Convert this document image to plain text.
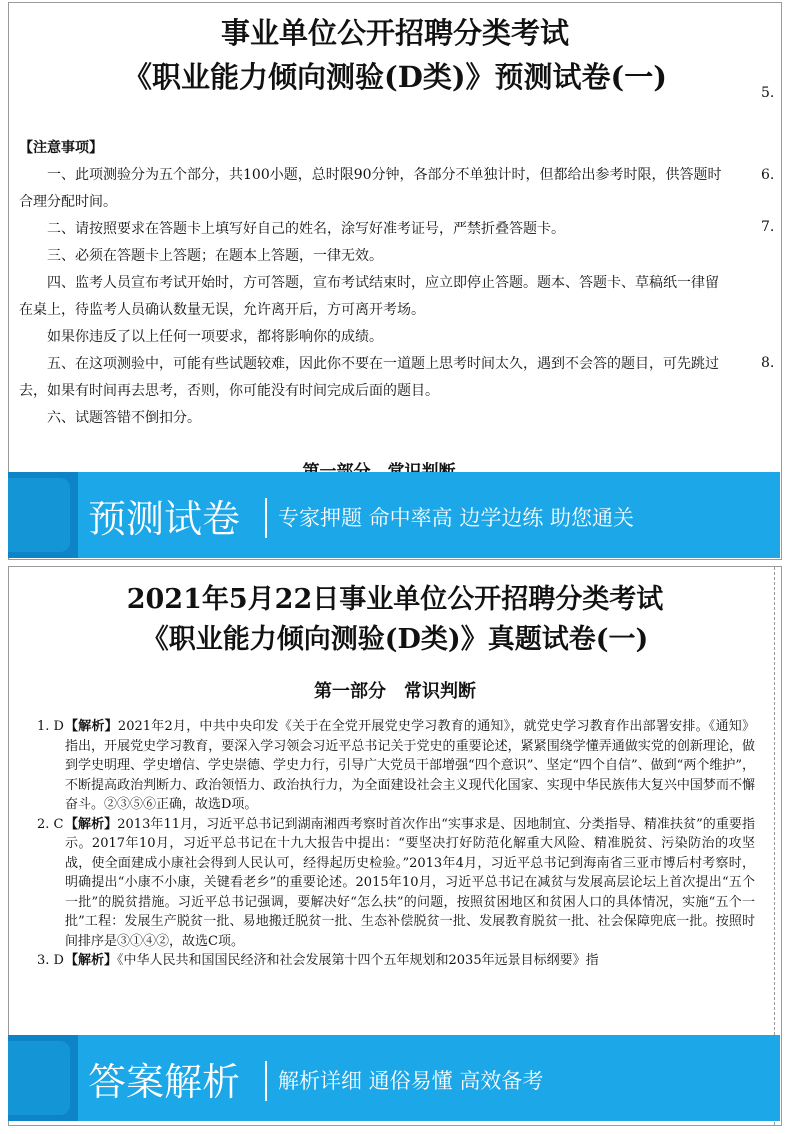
事业单位公开招聘分类考试
《职业能力倾向测验(D类)》预测试卷(一)	5.
6.
7.
8.
【注意事项】
一、此项测验分为五个部分，共100小题，总时限90分钟，各部分不单独计时，但都给出参考时限，供答题时合理分配时间。
二、请按照要求在答题卡上填写好自己的姓名，涂写好准考证号，严禁折叠答题卡。
三、必须在答题卡上答题；在题本上答题，一律无效。
四、监考人员宣布考试开始时，方可答题，宣布考试结束时，应立即停止答题。题本、答题卡、草稿纸一律留在桌上，待监考人员确认数量无误，允许离开后，方可离开考场。
如果你违反了以上任何一项要求，都将影响你的成绩。
五、在这项测验中，可能有些试题较难，因此你不要在一道题上思考时间太久，遇到不会答的题目，可先跳过去，如果有时间再去思考，否则，你可能没有时间完成后面的题目。
六、试题答错不倒扣分。
预测试卷 专家押题 命中率高 边学边练 助您通关
2021年5月22日事业单位公开招聘分类考试
《职业能力倾向测验(D类)》真题试卷(一)
第一部分　常识判断
1. D 【解析】2021年2月，中共中央印发《关于在全党开展党史学习教育的通知》，就党史学习教育作出部署安排。《通知》指出，开展党史学习教育，要深入学习领会习近平总书记关于党史的重要论述，紧紧围绕学懂弄通做实党的创新理论，做到学史明理、学史增信、学史崇德、学史力行，引导广大党员干部增强“四个意识”、坚定“四个自信”、做到“两个维护”，不断提高政治判断力、政治领悟力、政治执行力，为全面建设社会主义现代化国家、实现中华民族伟大复兴中国梦而不懈奋斗。②③⑤⑥正确，故选D项。
2. C 【解析】2013年11月，习近平总书记到湖南湘西考察时首次作出“实事求是、因地制宜、分类指导、精准扶贫”的重要指示。2017年10月，习近平总书记在十九大报告中提出：“要坚决打好防范化解重大风险、精准脱贫、污染防治的攻坚战，使全面建成小康社会得到人民认可，经得起历史检验。”2013年4月，习近平总书记到海南省三亚市博后村考察时，明确提出“小康不小康，关键看老乡”的重要论述。2015年10月，习近平总书记在减贫与发展高层论坛上首次提出“五个一批”的脱贫措施。习近平总书记强调，要解决好“怎么扶”的问题，按照贫困地区和贫困人口的具体情况，实施“五个一批”工程：发展生产脱贫一批、易地搬迁脱贫一批、生态补偿脱贫一批、发展教育脱贫一批、社会保障兜底一批。按照时间排序是③①④②，故选C项。
3. D 【解析】《中华人民共和国国民经济和社会发展第十四个五年规划和2035年远景目标纲要》指
答案解析 解析详细 通俗易懂 高效备考
